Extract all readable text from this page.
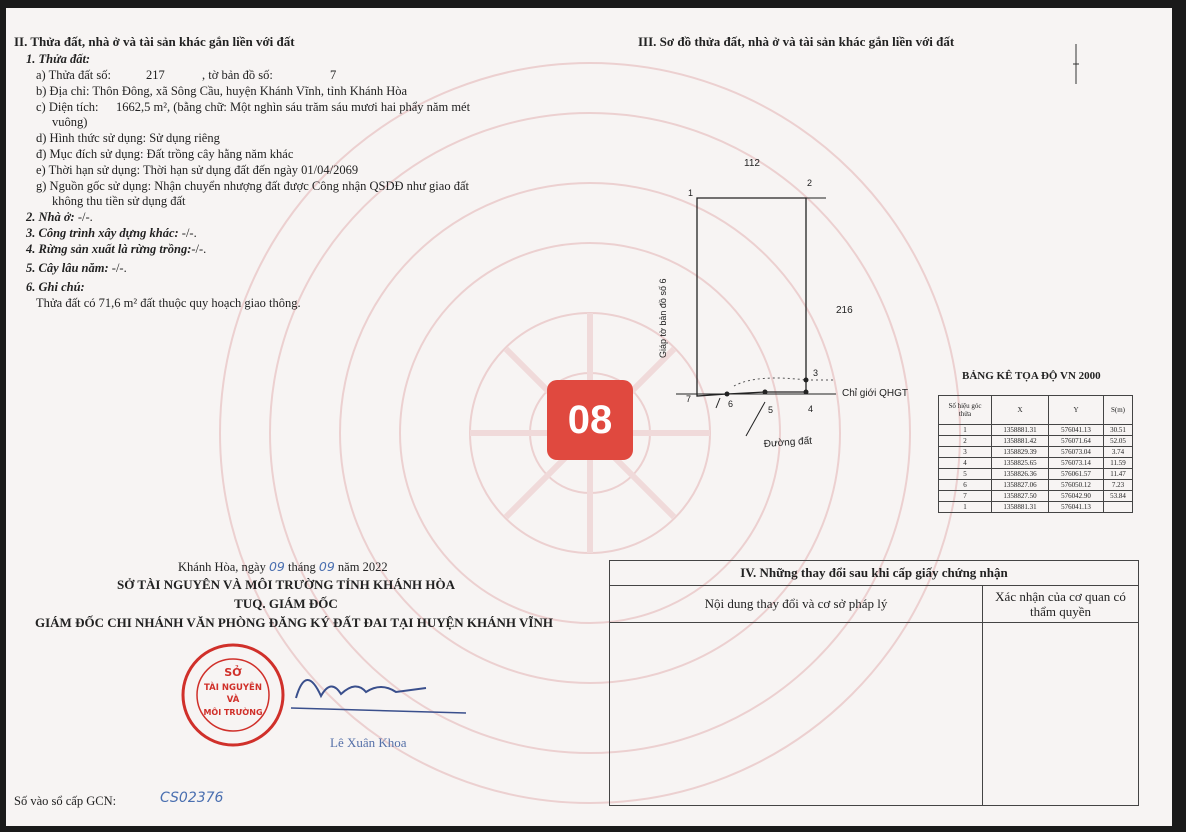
II. Thửa đất, nhà ở và tài sản khác gắn liền với đất
1. Thửa đất:
a) Thửa đất số:	217	, tờ bản đồ số:	7
b) Địa chỉ: Thôn Đông, xã Sông Cầu, huyện Khánh Vĩnh, tỉnh Khánh Hòa
c) Diện tích: 1662,5 m², (bằng chữ: Một nghìn sáu trăm sáu mươi hai phẩy năm mét
vuông)
d) Hình thức sử dụng: Sử dụng riêng
đ) Mục đích sử dụng: Đất trồng cây hằng năm khác
e) Thời hạn sử dụng: Thời hạn sử dụng đất đến ngày 01/04/2069
g) Nguồn gốc sử dụng: Nhận chuyển nhượng đất được Công nhận QSDĐ như giao đất
không thu tiền sử dụng đất
2. Nhà ở: -/-.
3. Công trình xây dựng khác: -/-.
4. Rừng sản xuất là rừng trồng:-/-.
5. Cây lâu năm: -/-.
6. Ghi chú:
Thửa đất có 71,6 m² đất thuộc quy hoạch giao thông.
III. Sơ đồ thửa đất, nhà ở và tài sản khác gắn liền với đất
1
2
3
4
5
6
7
112
216
Giáp tờ bản đồ số 6
Chỉ giới QHGT
Đường đất
08
BẢNG KÊ TỌA ĐỘ VN 2000
Số hiệu góc thửa	X	Y	S(m)
1	1358881.31	576041.13	30.51
2	1358881.42	576071.64	52.05
3	1358829.39	576073.04	3.74
4	1358825.65	576073.14	11.59
5	1358826.36	576061.57	11.47
6	1358827.06	576050.12	7.23
7	1358827.50	576042.90	53.84
1	1358881.31	576041.13	
Khánh Hòa, ngày 09 tháng 09 năm 2022
SỞ TÀI NGUYÊN VÀ MÔI TRƯỜNG TỈNH KHÁNH HÒA
TUQ. GIÁM ĐỐC
GIÁM ĐỐC CHI NHÁNH VĂN PHÒNG ĐĂNG KÝ ĐẤT ĐAI TẠI HUYỆN KHÁNH VĨNH
SỞ
TÀI NGUYÊN
VÀ
MÔI TRƯỜNG
Lê Xuân Khoa
Số vào sổ cấp GCN:	CS02376
IV. Những thay đổi sau khi cấp giấy chứng nhận
Nội dung thay đổi và cơ sở pháp lý	Xác nhận của cơ quan có thẩm quyền
